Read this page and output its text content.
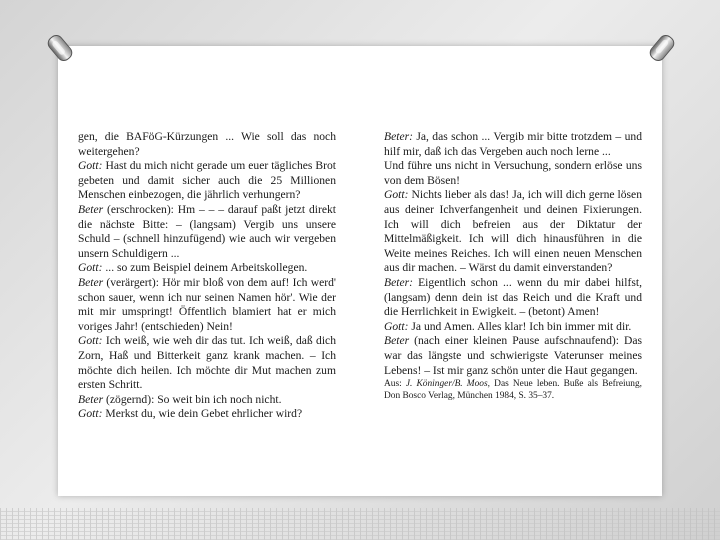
gen, die BAFöG-Kürzungen ... Wie soll das noch weitergehen?

Gott: Hast du mich nicht gerade um euer tägliches Brot gebeten und damit sicher auch die 25 Millionen Menschen einbezogen, die jährlich verhungern?

Beter (erschrocken): Hm – – – darauf paßt jetzt direkt die nächste Bitte: – (langsam) Vergib uns unsere Schuld – (schnell hinzufügend) wie auch wir vergeben unsern Schuldigern ...

Gott: ... so zum Beispiel deinem Arbeitskollegen.

Beter (verärgert): Hör mir bloß von dem auf! Ich werd' schon sauer, wenn ich nur seinen Namen hör'. Wie der mit mir umspringt! Öffentlich blamiert hat er mich voriges Jahr! (entschieden) Nein!

Gott: Ich weiß, wie weh dir das tut. Ich weiß, daß dich Zorn, Haß und Bitterkeit ganz krank machen. – Ich möchte dich heilen. Ich möchte dir Mut machen zum ersten Schritt.

Beter (zögernd): So weit bin ich noch nicht.

Gott: Merkst du, wie dein Gebet ehrlicher wird?

Beter: Ja, das schon ... Vergib mir bitte trotzdem – und hilf mir, daß ich das Vergeben auch noch lerne ...

Und führe uns nicht in Versuchung, sondern erlöse uns von dem Bösen!

Gott: Nichts lieber als das! Ja, ich will dich gerne lösen aus deiner Ichverfangenheit und deinen Fixierungen. Ich will dich befreien aus der Diktatur der Mittelmäßigkeit. Ich will dich hinausführen in die Weite meines Reiches. Ich will einen neuen Menschen aus dir machen. – Wärst du damit einverstanden?

Beter: Eigentlich schon ... wenn du mir dabei hilfst, (langsam) denn dein ist das Reich und die Kraft und die Herrlichkeit in Ewigkeit. – (betont) Amen!

Gott: Ja und Amen. Alles klar! Ich bin immer mit dir.

Beter (nach einer kleinen Pause aufschnaufend): Das war das längste und schwierigste Vaterunser meines Lebens! – Ist mir ganz schön unter die Haut gegangen.

Aus: J. Köninger/B. Moos, Das Neue leben. Buße als Befreiung, Don Bosco Verlag, München 1984, S. 35–37.
